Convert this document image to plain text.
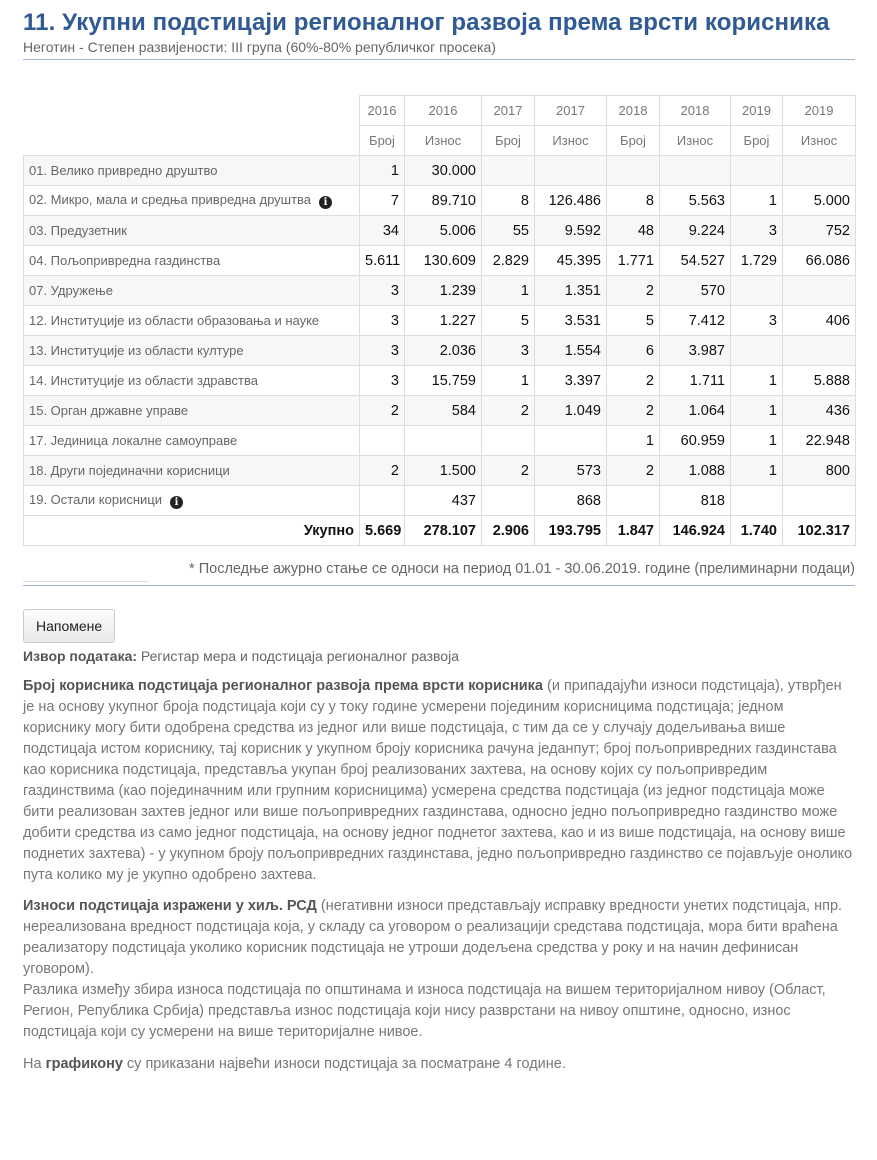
11. Укупни подстицаји регионалног развоја према врсти корисника
Неготин - Степен развијености: III група (60%-80% републичког просека)
	2016	2016	2017	2017	2018	2018	2019	2019
	Број	Износ	Број	Износ	Број	Износ	Број	Износ
01. Велико привредно друштво	1	30.000						
02. Микро, мала и средња привредна друштва i	7	89.710	8	126.486	8	5.563	1	5.000
03. Предузетник	34	5.006	55	9.592	48	9.224	3	752
04. Пољопривредна газдинства	5.611	130.609	2.829	45.395	1.771	54.527	1.729	66.086
07. Удружење	3	1.239	1	1.351	2	570		
12. Институције из области образовања и науке	3	1.227	5	3.531	5	7.412	3	406
13. Институције из области културе	3	2.036	3	1.554	6	3.987		
14. Институције из области здравства	3	15.759	1	3.397	2	1.711	1	5.888
15. Орган државне управе	2	584	2	1.049	2	1.064	1	436
17. Јединица локалне самоуправе					1	60.959	1	22.948
18. Други појединачни корисници	2	1.500	2	573	2	1.088	1	800
19. Остали корисници i		437		868		818		
Укупно	5.669	278.107	2.906	193.795	1.847	146.924	1.740	102.317
* Последње ажурно стање се односи на период 01.01 - 30.06.2019. године (прелиминарни подаци)
Напомене
Извор података: Регистар мера и подстицаја регионалног развоја

Број корисника подстицаја регионалног развоја према врсти корисника (и припадајући износи подстицаја), утврђен је на основу укупног броја подстицаја који су у току године усмерени појединим корисницима подстицаја; једном кориснику могу бити одобрена средства из једног или више подстицаја, с тим да се у случају додељивања више подстицаја истом кориснику, тај корисник у укупном броју корисника рачуна једанпут; број пољопривредних газдинстава као корисника подстицаја, представља укупан број реализованих захтева, на основу којих су пољопривредим газдинствима (као појединачним или групним корисницима) усмерена средства подстицаја (из једног подстицаја може бити реализован захтев једног или више пољопривредних газдинстава, односно једно пољопривредно газдинство може добити средства из само једног подстицаја, на основу једног поднетог захтева, као и из више подстицаја, на основу више поднетих захтева) - у укупном броју пољопривредних газдинстава, једно пољопривредно газдинство се појављује онолико пута колико му је укупно одобрено захтева.

Износи подстицаја изражени у хиљ. РСД (негативни износи представљају исправку вредности унетих подстицаја, нпр. нереализована вредност подстицаја која, у складу са уговором о реализацији средстава подстицаја, мора бити враћена реализатору подстицаја уколико корисник подстицаја не утроши додељена средства у року и на начин дефинисан уговором).

Разлика између збира износа подстицаја по општинама и износа подстицаја на вишем територијалном нивоу (Област, Регион, Република Србија) представља износ подстицаја који нису разврстани на нивоу општине, односно, износ подстицаја који су усмерени на више територијалне нивое.

На графикону су приказани највећи износи подстицаја за посматране 4 године.
